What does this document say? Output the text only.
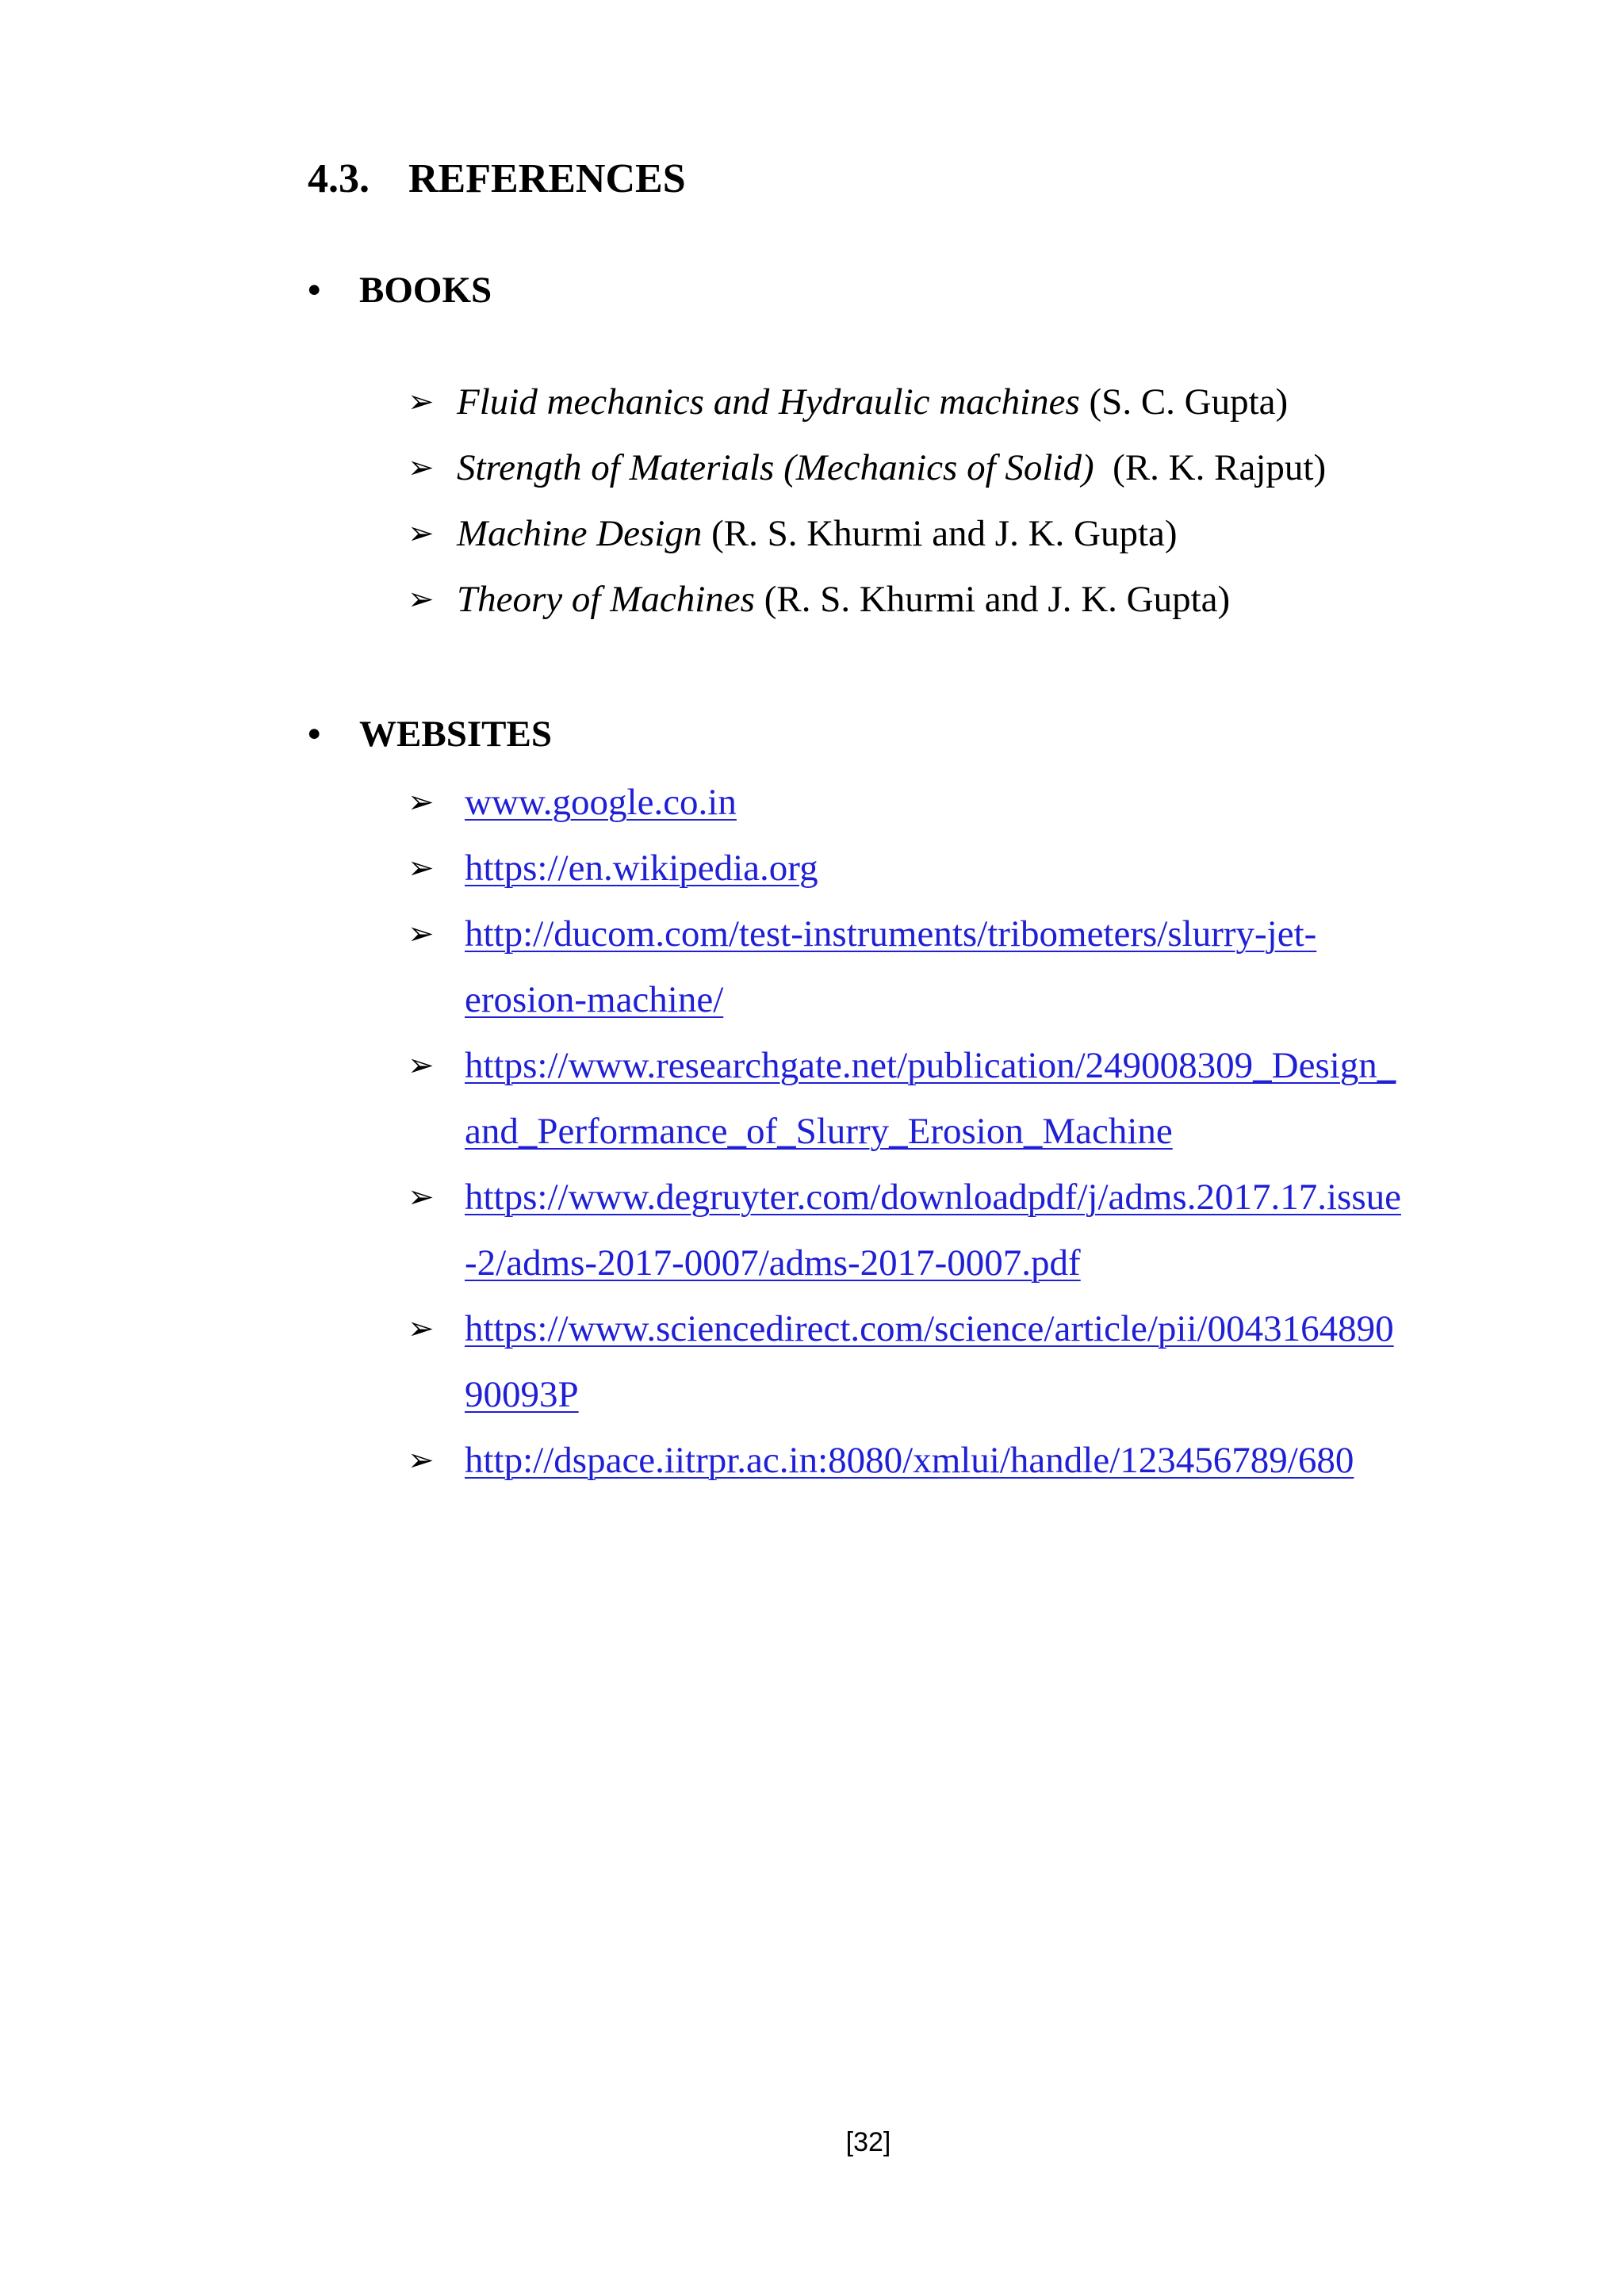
4.3. REFERENCES
• BOOKS
➢ Fluid mechanics and Hydraulic machines (S. C. Gupta)
➢ Strength of Materials (Mechanics of Solid)  (R. K. Rajput)
➢ Machine Design (R. S. Khurmi and J. K. Gupta)
➢ Theory of Machines (R. S. Khurmi and J. K. Gupta)
• WEBSITES
➢ www.google.co.in
➢ https://en.wikipedia.org
➢ http://ducom.com/test-instruments/tribometers/slurry-jet-
erosion-machine/
➢ https://www.researchgate.net/publication/249008309_Design_
and_Performance_of_Slurry_Erosion_Machine
➢ https://www.degruyter.com/downloadpdf/j/adms.2017.17.issue
-2/adms-2017-0007/adms-2017-0007.pdf
➢ https://www.sciencedirect.com/science/article/pii/0043164890
90093P
➢ http://dspace.iitrpr.ac.in:8080/xmlui/handle/123456789/680
[32]
